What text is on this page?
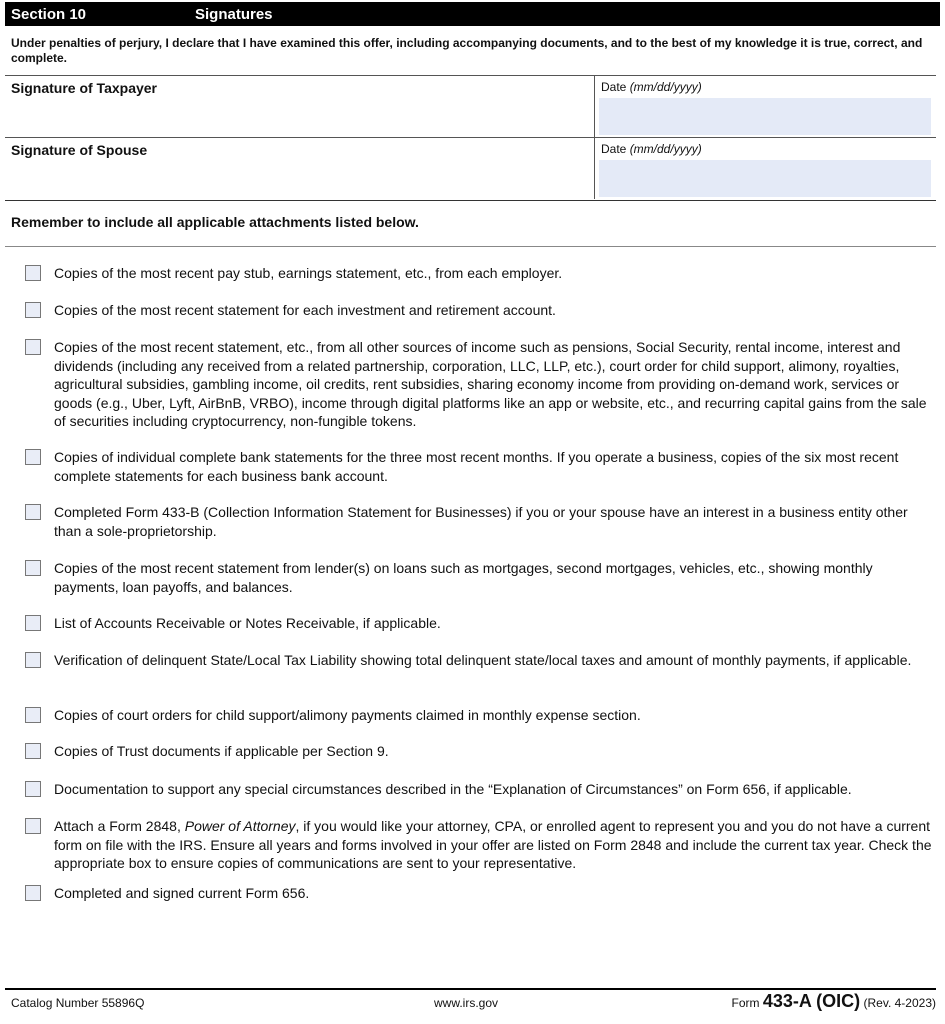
Section 10	Signatures
Under penalties of perjury, I declare that I have examined this offer, including accompanying documents, and to the best of my knowledge it is true, correct, and complete.
Signature of Taxpayer	Date (mm/dd/yyyy)
Signature of Spouse	Date (mm/dd/yyyy)
Remember to include all applicable attachments listed below.
Copies of the most recent pay stub, earnings statement, etc., from each employer.
Copies of the most recent statement for each investment and retirement account.
Copies of the most recent statement, etc., from all other sources of income such as pensions, Social Security, rental income, interest and dividends (including any received from a related partnership, corporation, LLC, LLP, etc.), court order for child support, alimony, royalties, agricultural subsidies, gambling income, oil credits, rent subsidies, sharing economy income from providing on-demand work, services or goods (e.g., Uber, Lyft, AirBnB, VRBO), income through digital platforms like an app or website, etc., and recurring capital gains from the sale of securities including cryptocurrency, non-fungible tokens.
Copies of individual complete bank statements for the three most recent months. If you operate a business, copies of the six most recent complete statements for each business bank account.
Completed Form 433-B (Collection Information Statement for Businesses) if you or your spouse have an interest in a business entity other than a sole-proprietorship.
Copies of the most recent statement from lender(s) on loans such as mortgages, second mortgages, vehicles, etc., showing monthly payments, loan payoffs, and balances.
List of Accounts Receivable or Notes Receivable, if applicable.
Verification of delinquent State/Local Tax Liability showing total delinquent state/local taxes and amount of monthly payments, if applicable.
Copies of court orders for child support/alimony payments claimed in monthly expense section.
Copies of Trust documents if applicable per Section 9.
Documentation to support any special circumstances described in the “Explanation of Circumstances” on Form 656, if applicable.
Attach a Form 2848, Power of Attorney, if you would like your attorney, CPA, or enrolled agent to represent you and you do not have a current form on file with the IRS. Ensure all years and forms involved in your offer are listed on Form 2848 and include the current tax year. Check the appropriate box to ensure copies of communications are sent to your representative.
Completed and signed current Form 656.
Catalog Number 55896Q	www.irs.gov	Form 433-A (OIC) (Rev. 4-2023)
